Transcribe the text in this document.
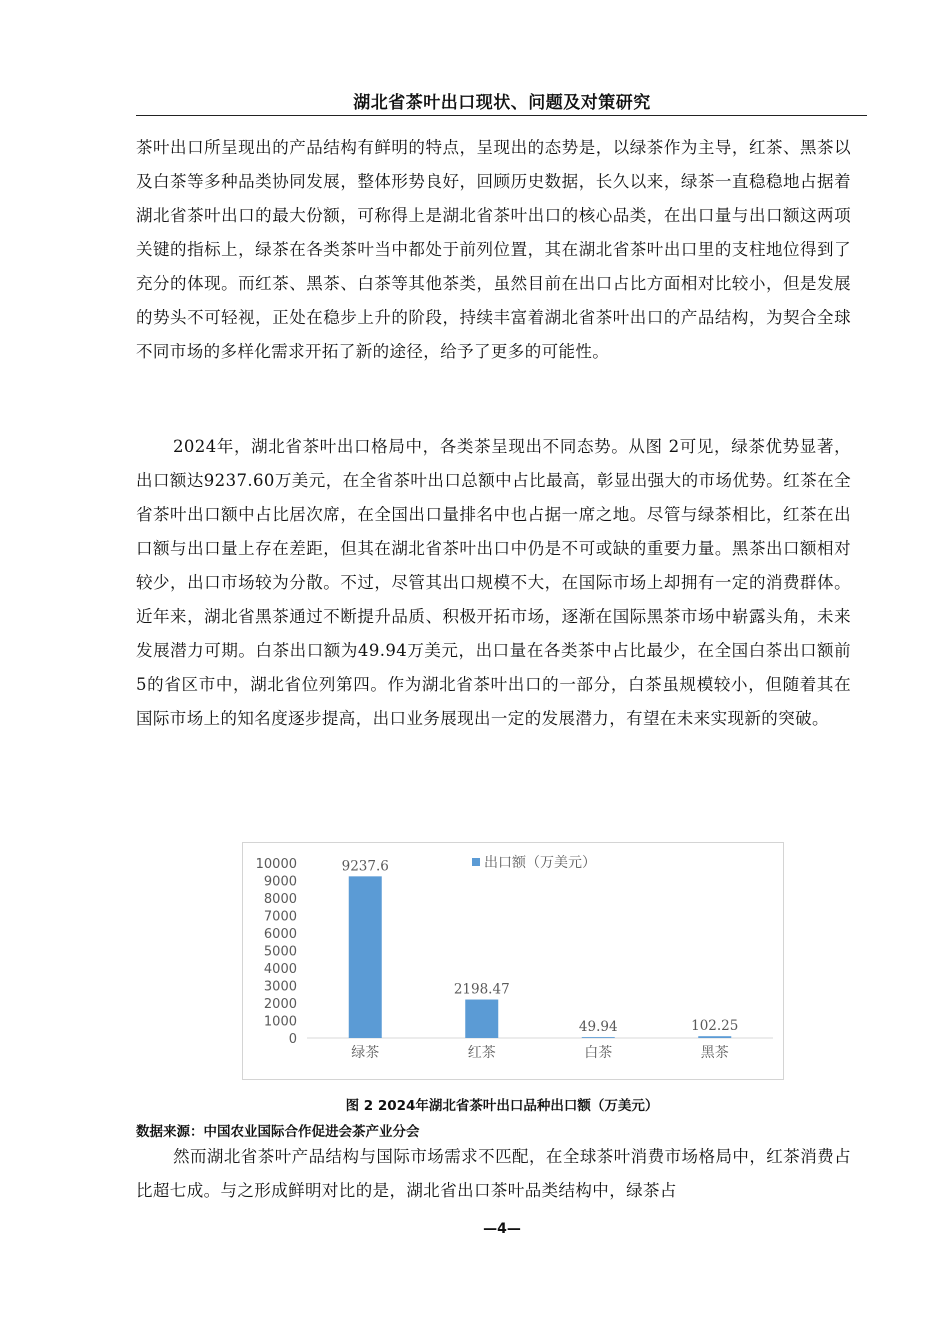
湖北省茶叶出口现状、问题及对策研究

茶叶出口所呈现出的产品结构有鲜明的特点，呈现出的态势是，以绿茶作为主导，红茶、黑茶以及白茶等多种品类协同发展，整体形势良好，回顾历史数据，长久以来，绿茶一直稳稳地占据着湖北省茶叶出口的最大份额，可称得上是湖北省茶叶出口的核心品类，在出口量与出口额这两项关键的指标上，绿茶在各类茶叶当中都处于前列位置，其在湖北省茶叶出口里的支柱地位得到了充分的体现。而红茶、黑茶、白茶等其他茶类，虽然目前在出口占比方面相对比较小，但是发展的势头不可轻视，正处在稳步上升的阶段，持续丰富着湖北省茶叶出口的产品结构，为契合全球不同市场的多样化需求开拓了新的途径，给予了更多的可能性。

2024年，湖北省茶叶出口格局中，各类茶呈现出不同态势。从图 2可见，绿茶优势显著，出口额达9237.60万美元，在全省茶叶出口总额中占比最高，彰显出强大的市场优势。红茶在全省茶叶出口额中占比居次席，在全国出口量排名中也占据一席之地。尽管与绿茶相比，红茶在出口额与出口量上存在差距，但其在湖北省茶叶出口中仍是不可或缺的重要力量。黑茶出口额相对较少，出口市场较为分散。不过，尽管其出口规模不大，在国际市场上却拥有一定的消费群体。近年来，湖北省黑茶通过不断提升品质、积极开拓市场，逐渐在国际黑茶市场中崭露头角，未来发展潜力可期。白茶出口额为49.94万美元，出口量在各类茶中占比最少，在全国白茶出口额前5的省区市中，湖北省位列第四。作为湖北省茶叶出口的一部分，白茶虽规模较小，但随着其在国际市场上的知名度逐步提高，出口业务展现出一定的发展潜力，有望在未来实现新的突破。

0
1000
2000
3000
4000
5000
6000
7000
8000
9000
10000	出口额（万美元）
9237.6
绿茶
2198.47
红茶
49.94
白茶
102.25
黑茶
图 2 2024年湖北省茶叶出口品种出口额（万美元）
数据来源：中国农业国际合作促进会茶产业分会

然而湖北省茶叶产品结构与国际市场需求不匹配，在全球茶叶消费市场格局中，红茶消费占比超七成。与之形成鲜明对比的是，湖北省出口茶叶品类结构中，绿茶占

—4—
